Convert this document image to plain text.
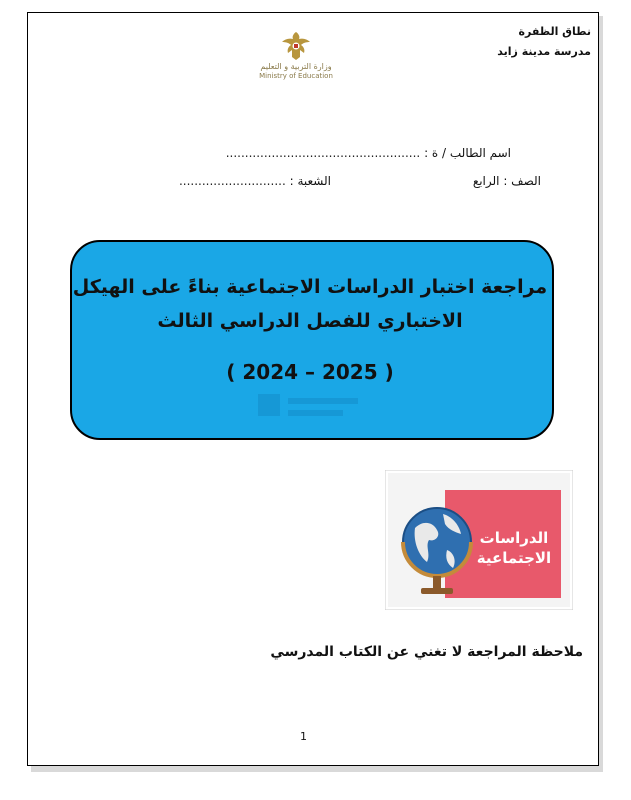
نطاق الظفرة
مدرسة مدينة زايد
وزارة التربية و التعليم
Ministry of Education
اسم الطالب / ة : ...................................................
الصف : الرابع
الشعبة : ............................
مراجعة اختبار الدراسات الاجتماعية بناءً على الهيكل
الاختباري للفصل الدراسي الثالث
( 2024 – 2025 )
الدراسات
الاجتماعية
ملاحظة المراجعة لا تغني عن الكتاب المدرسي
1
